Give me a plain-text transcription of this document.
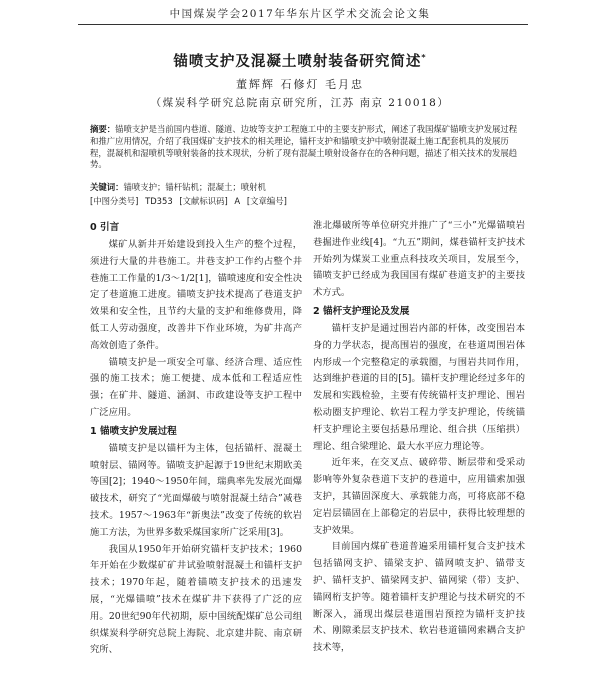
中国煤炭学会2017年华东片区学术交流会论文集
锚喷支护及混凝土喷射装备研究简述*
董辉辉 石修灯 毛月忠
（煤炭科学研究总院南京研究所，江苏 南京 210018）
摘要：锚喷支护是当前国内巷道、隧道、边坡等支护工程施工中的主要支护形式，阐述了我国煤矿锚喷支护发展过程和推广应用情况，介绍了我国煤矿支护技术的相关理论，锚杆支护和锚喷支护中喷射混凝土施工配套机具的发展历程，混凝机和湿喷机等喷射装备的技术现状，分析了现有混凝土喷射设备存在的各种问题，描述了相关技术的发展趋势。
关键词：锚喷支护；锚杆钻机；混凝土；喷射机
[中图分类号] TD353 [文献标识码] A [文章编号]
0 引言

煤矿从新井开始建设到投入生产的整个过程，须进行大量的井巷施工。井巷支护工作约占整个井巷施工工作量的1/3～1/2[1]，锚喷速度和安全性决定了巷道施工进度。锚喷支护技术提高了巷道支护效果和安全性，且节约大量的支护和维修费用，降低工人劳动强度，改善井下作业环境，为矿井高产高效创造了条件。

锚喷支护是一项安全可靠、经济合理、适应性强的施工技术；施工便捷、成本低和工程适应性强；在矿井、隧道、涵洞、市政建设等支护工程中广泛应用。

1 锚喷支护发展过程

锚喷支护是以锚杆为主体，包括锚杆、混凝土喷射层、锚网等。锚喷支护起源于19世纪末期欧美等国[2]；1940～1950年间，瑞典率先发展光面爆破技术，研究了“光面爆破与喷射混凝土结合”减巷技术。1957～1963年“新奥法”改变了传统的软岩施工方法，为世界多数采煤国家所广泛采用[3]。

我国从1950年开始研究锚杆支护技术；1960年开始在少数煤矿矿井试验喷射混凝土和锚杆支护技术；1970年起，随着锚喷支护技术的迅速发展，“光爆锚喷”技术在煤矿井下获得了广泛的应用。20世纪90年代初期，原中国统配煤矿总公司组织煤炭科学研究总院上海院、北京建井院、南京研究所、

淮北爆破所等单位研究并推广了“三小”光爆锚喷岩巷掘进作业线[4]。“九五”期间，煤巷锚杆支护技术开始列为煤炭工业重点科技攻关项目，发展至今，锚喷支护已经成为我国国有煤矿巷道支护的主要技术方式。

2 锚杆支护理论及发展

锚杆支护是通过围岩内部的杆体，改变围岩本身的力学状态，提高围岩的强度，在巷道周围岩体内形成一个完整稳定的承载圈，与围岩共同作用，达到维护巷道的目的[5]。锚杆支护理论经过多年的发展和实践检验，主要有传统锚杆支护理论、围岩松动圈支护理论、软岩工程力学支护理论，传统锚杆支护理论主要包括悬吊理论、组合拱（压缩拱）理论、组合梁理论、最大水平应力理论等。

近年来，在交叉点、破碎带、断层带和受采动影响等外复杂巷道下支护的巷道中，应用锚索加强支护，其锚固深度大、承载能力高，可将底部不稳定岩层锚固在上部稳定的岩层中，获得比较理想的支护效果。

目前国内煤矿巷道普遍采用锚杆复合支护技术包括锚网支护、锚梁支护、锚网喷支护、锚带支护、锚杆支护、锚梁网支护、锚网梁（带）支护、锚网桁支护等。随着锚杆支护理论与技术研究的不断深入，涌现出煤层巷道围岩预控为锚杆支护技术、刚隙柔层支护技术、软岩巷道锚网索耦合支护技术等，
